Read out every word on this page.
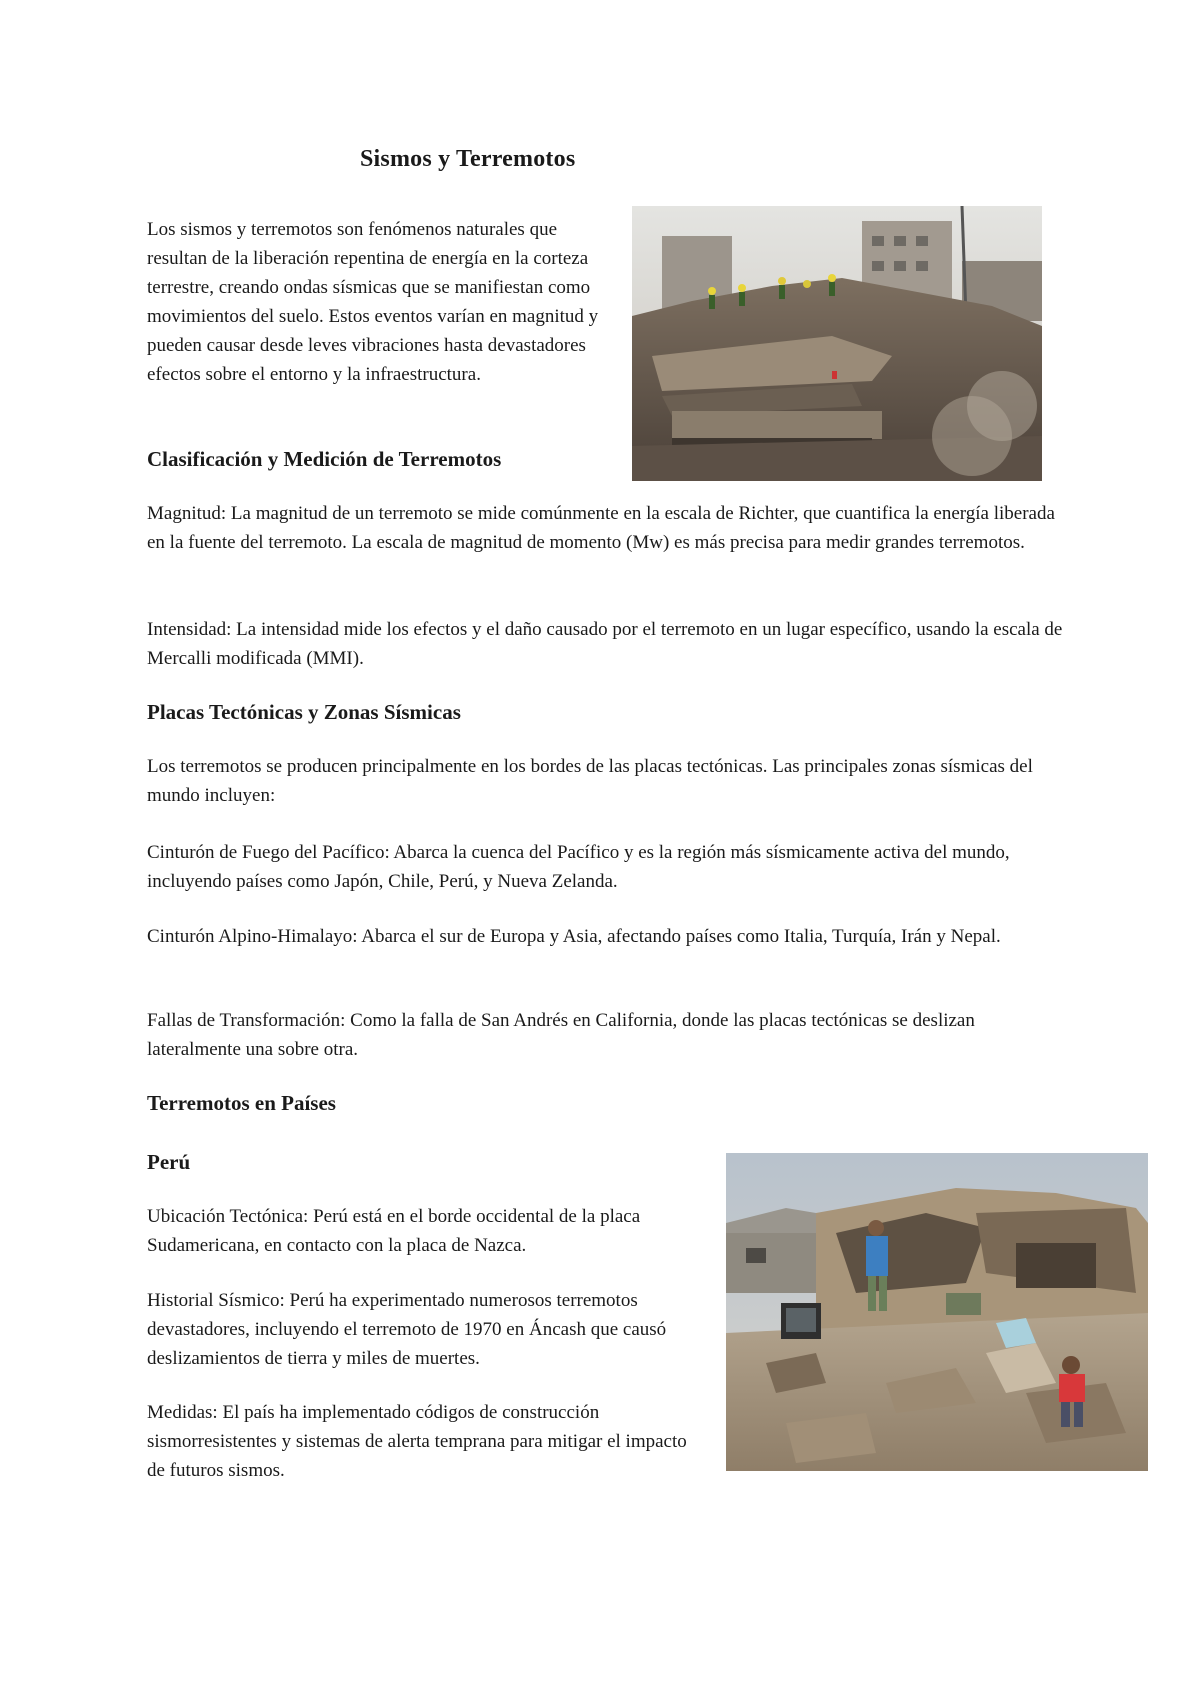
Sismos y Terremotos

Los sismos y terremotos son fenómenos naturales que resultan de la liberación repentina de energía en la corteza terrestre, creando ondas sísmicas que se manifiestan como movimientos del suelo. Estos eventos varían en magnitud y pueden causar desde leves vibraciones hasta devastadores efectos sobre el entorno y la infraestructura.

Clasificación y Medición de Terremotos

Magnitud: La magnitud de un terremoto se mide comúnmente en la escala de Richter, que cuantifica la energía liberada en la fuente del terremoto. La escala de magnitud de momento (Mw) es más precisa para medir grandes terremotos.

Intensidad: La intensidad mide los efectos y el daño causado por el terremoto en un lugar específico, usando la escala de Mercalli modificada (MMI).

Placas Tectónicas y Zonas Sísmicas

Los terremotos se producen principalmente en los bordes de las placas tectónicas. Las principales zonas sísmicas del mundo incluyen:

Cinturón de Fuego del Pacífico: Abarca la cuenca del Pacífico y es la región más sísmicamente activa del mundo, incluyendo países como Japón, Chile, Perú, y Nueva Zelanda.

Cinturón Alpino-Himalayo: Abarca el sur de Europa y Asia, afectando países como Italia, Turquía, Irán y Nepal.

Fallas de Transformación: Como la falla de San Andrés en California, donde las placas tectónicas se deslizan lateralmente una sobre otra.

Terremotos en Países
Perú

Ubicación Tectónica: Perú está en el borde occidental de la placa Sudamericana, en contacto con la placa de Nazca.

Historial Sísmico: Perú ha experimentado numerosos terremotos devastadores, incluyendo el terremoto de 1970 en Áncash que causó deslizamientos de tierra y miles de muertes.

Medidas: El país ha implementado códigos de construcción sismorresistentes y sistemas de alerta temprana para mitigar el impacto de futuros sismos.
